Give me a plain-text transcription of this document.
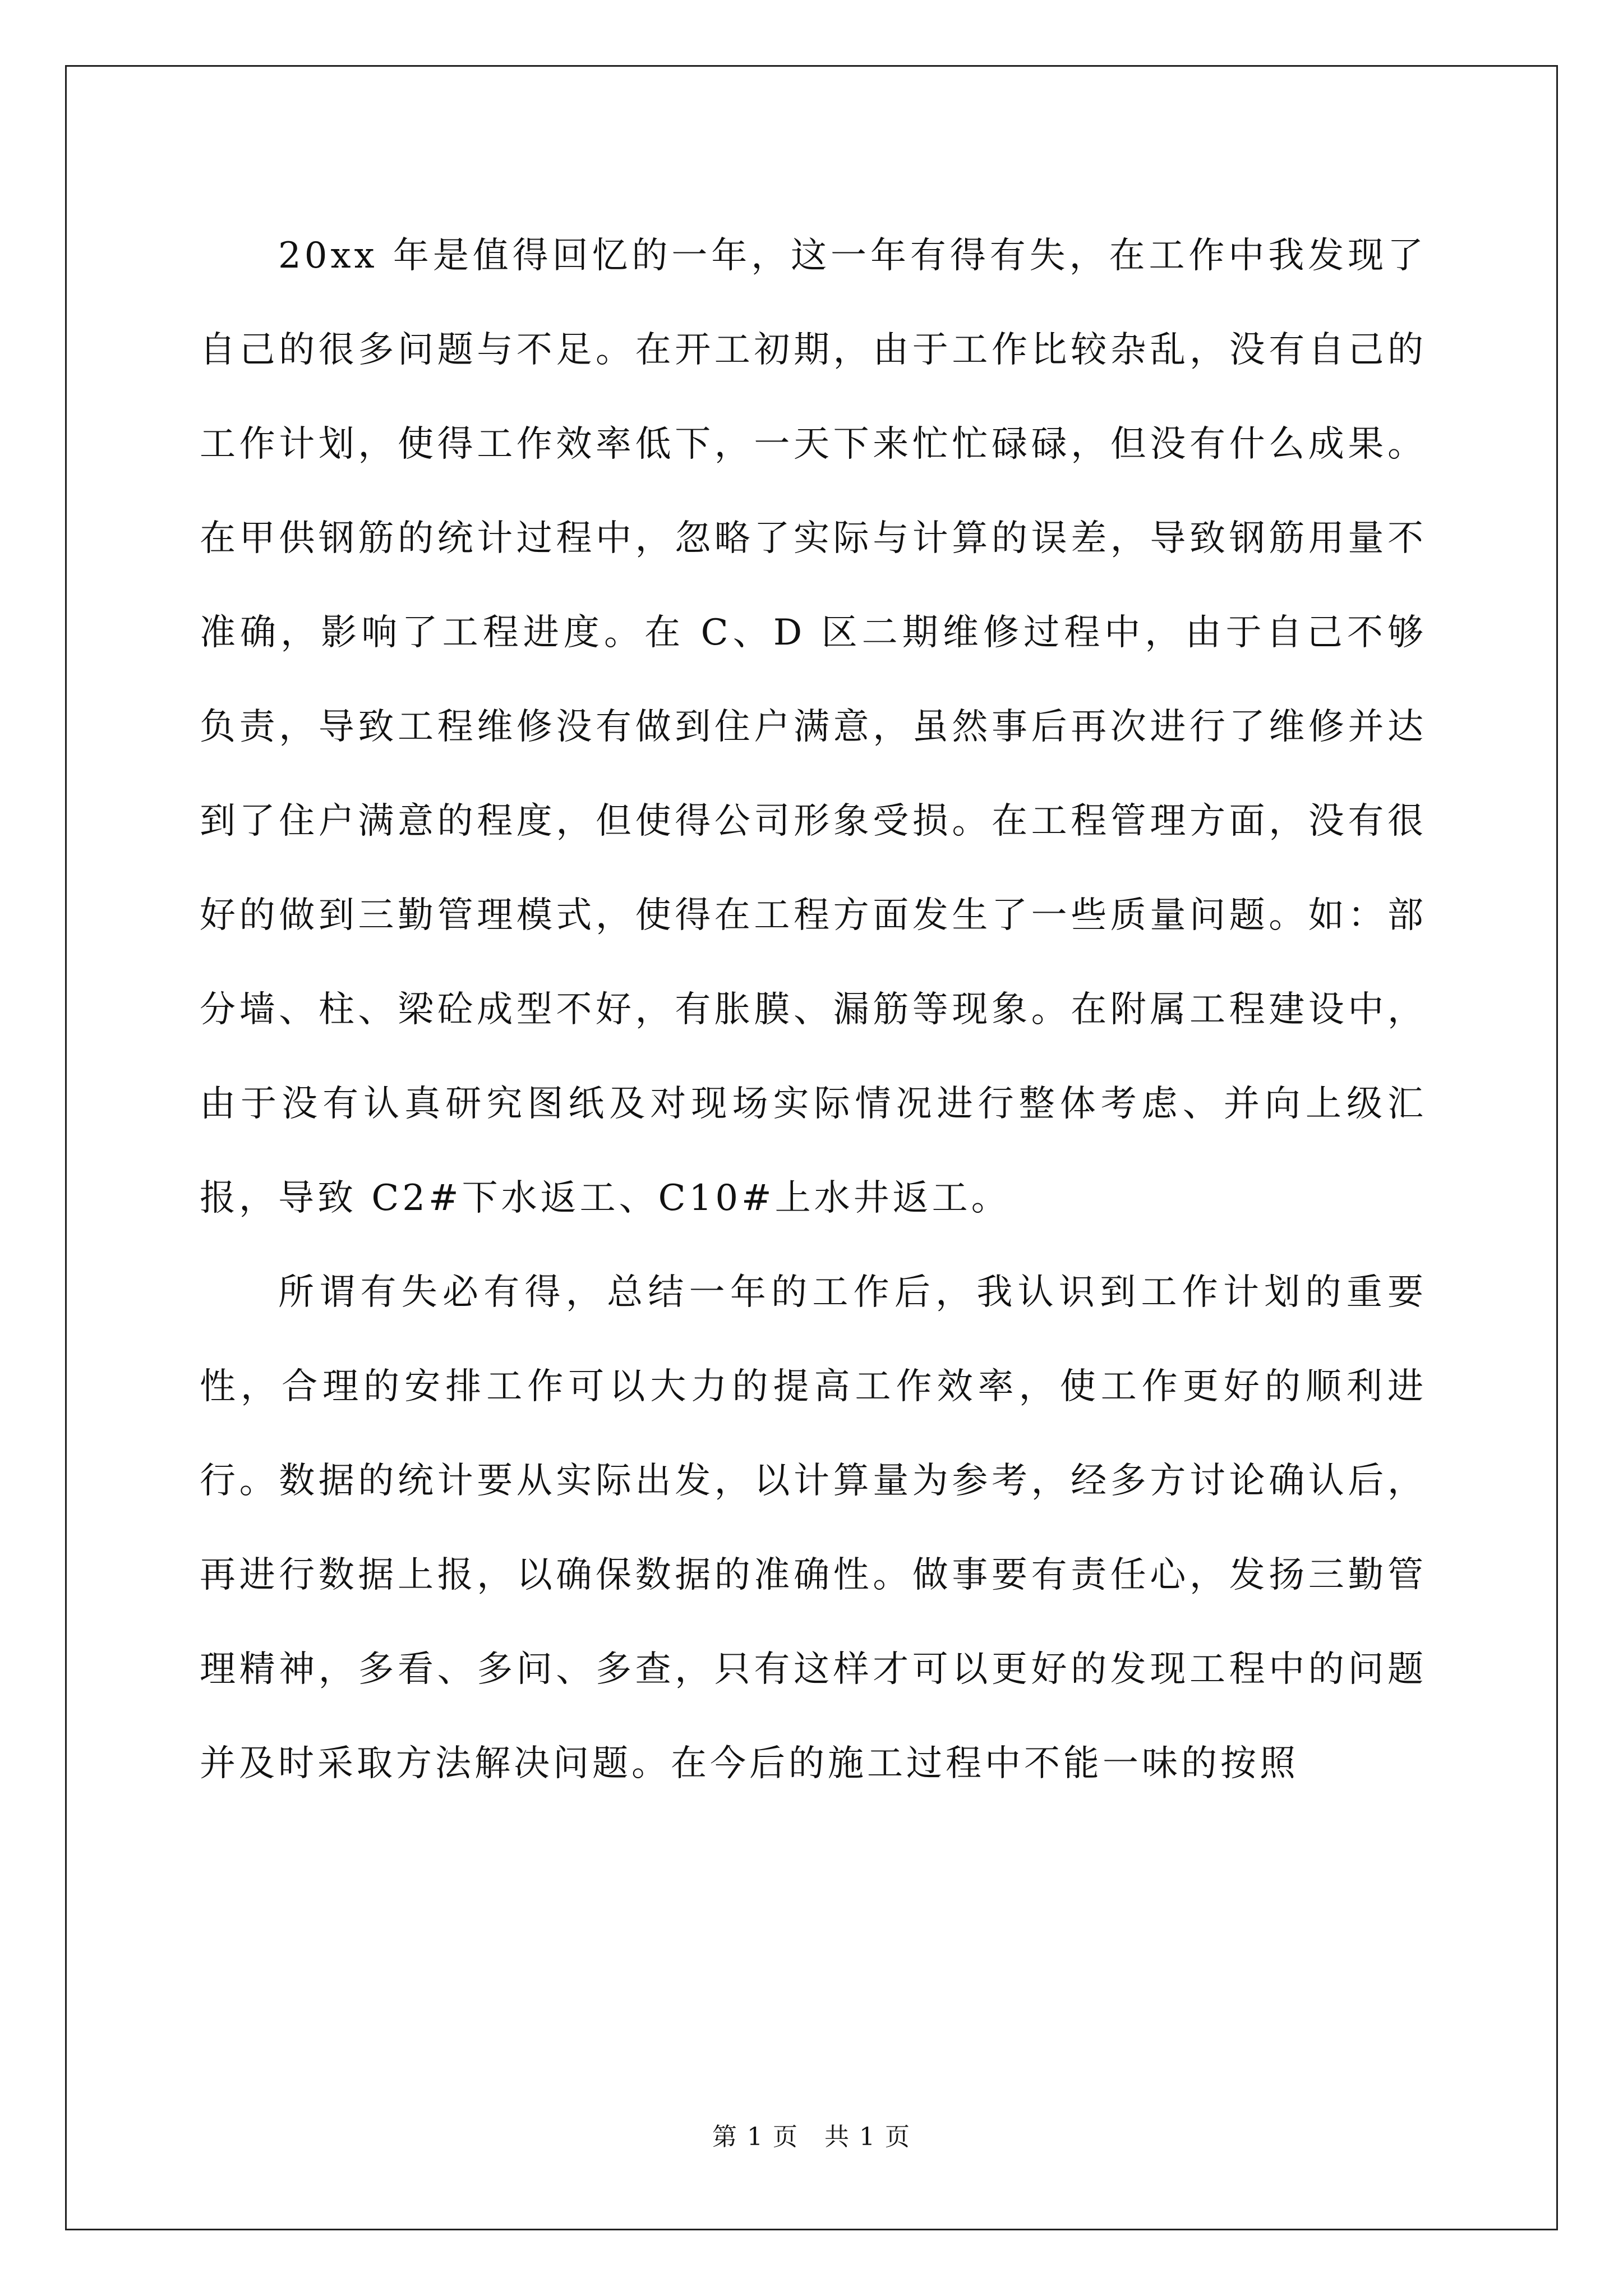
20xx 年是值得回忆的一年，这一年有得有失，在工作中我发现了自己的很多问题与不足。在开工初期，由于工作比较杂乱，没有自己的工作计划，使得工作效率低下，一天下来忙忙碌碌，但没有什么成果。在甲供钢筋的统计过程中，忽略了实际与计算的误差，导致钢筋用量不准确，影响了工程进度。在 C、D 区二期维修过程中，由于自己不够负责，导致工程维修没有做到住户满意，虽然事后再次进行了维修并达到了住户满意的程度，但使得公司形象受损。在工程管理方面，没有很好的做到三勤管理模式，使得在工程方面发生了一些质量问题。如：部分墙、柱、梁砼成型不好，有胀膜、漏筋等现象。在附属工程建设中，由于没有认真研究图纸及对现场实际情况进行整体考虑、并向上级汇报，导致 C2#下水返工、C10#上水井返工。

所谓有失必有得，总结一年的工作后，我认识到工作计划的重要性，合理的安排工作可以大力的提高工作效率，使工作更好的顺利进行。数据的统计要从实际出发，以计算量为参考，经多方讨论确认后，再进行数据上报，以确保数据的准确性。做事要有责任心，发扬三勤管理精神，多看、多问、多查，只有这样才可以更好的发现工程中的问题并及时采取方法解决问题。在今后的施工过程中不能一味的按照

第 1 页　共 1 页
